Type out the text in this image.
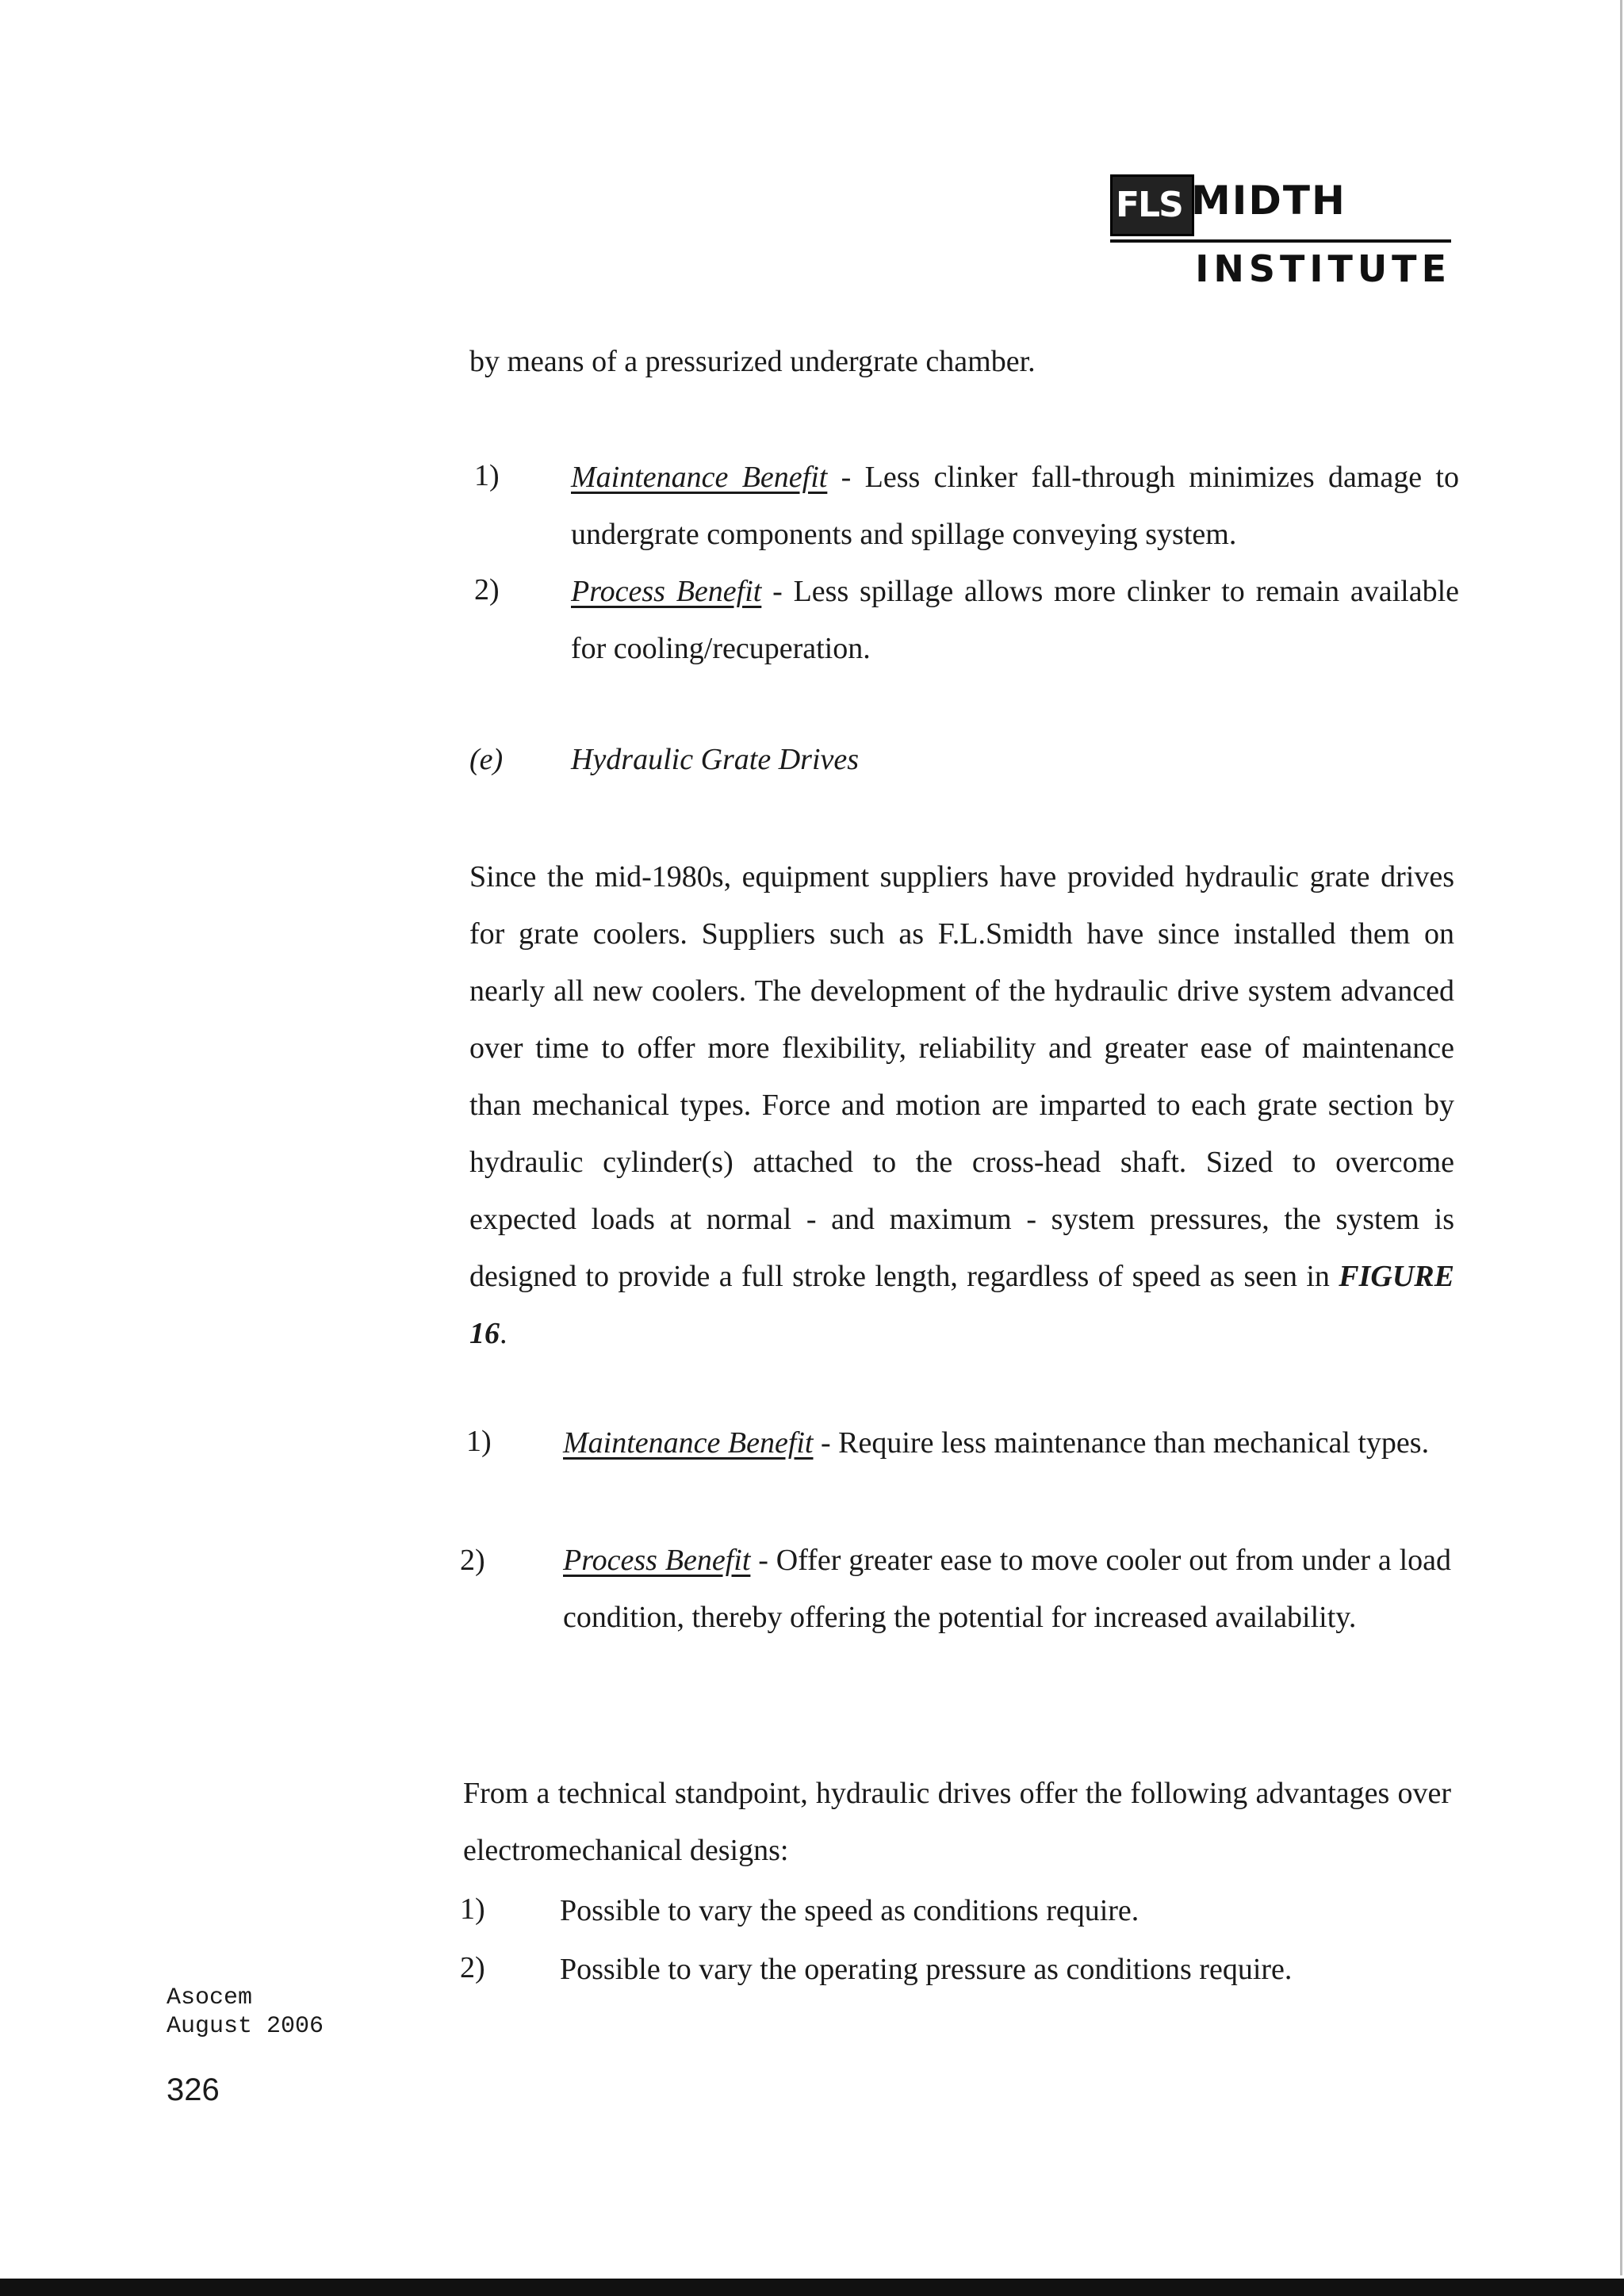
FLS MIDTH
INSTITUTE
by means of a pressurized undergrate chamber.
1) Maintenance Benefit - Less clinker fall-through minimizes damage to undergrate components and spillage conveying system.
2) Process Benefit - Less spillage allows more clinker to remain available for cooling/recuperation.
(e) Hydraulic Grate Drives
Since the mid-1980s, equipment suppliers have provided hydraulic grate drives for grate coolers. Suppliers such as F.L.Smidth have since installed them on nearly all new coolers. The development of the hydraulic drive system advanced over time to offer more flexibility, reliability and greater ease of maintenance than mechanical types. Force and motion are imparted to each grate section by hydraulic cylinder(s) attached to the cross-head shaft. Sized to overcome expected loads at normal - and maximum - system pressures, the system is designed to provide a full stroke length, regardless of speed as seen in FIGURE 16.
1) Maintenance Benefit - Require less maintenance than mechanical types.
2)	Process Benefit - Offer greater ease to move cooler out from under a load condition, thereby offering the potential for increased availability.
From a technical standpoint, hydraulic drives offer the following advantages over electromechanical designs:
1) Possible to vary the speed as conditions require.
2) Possible to vary the operating pressure as conditions require.
Asocem
August 2006
326
